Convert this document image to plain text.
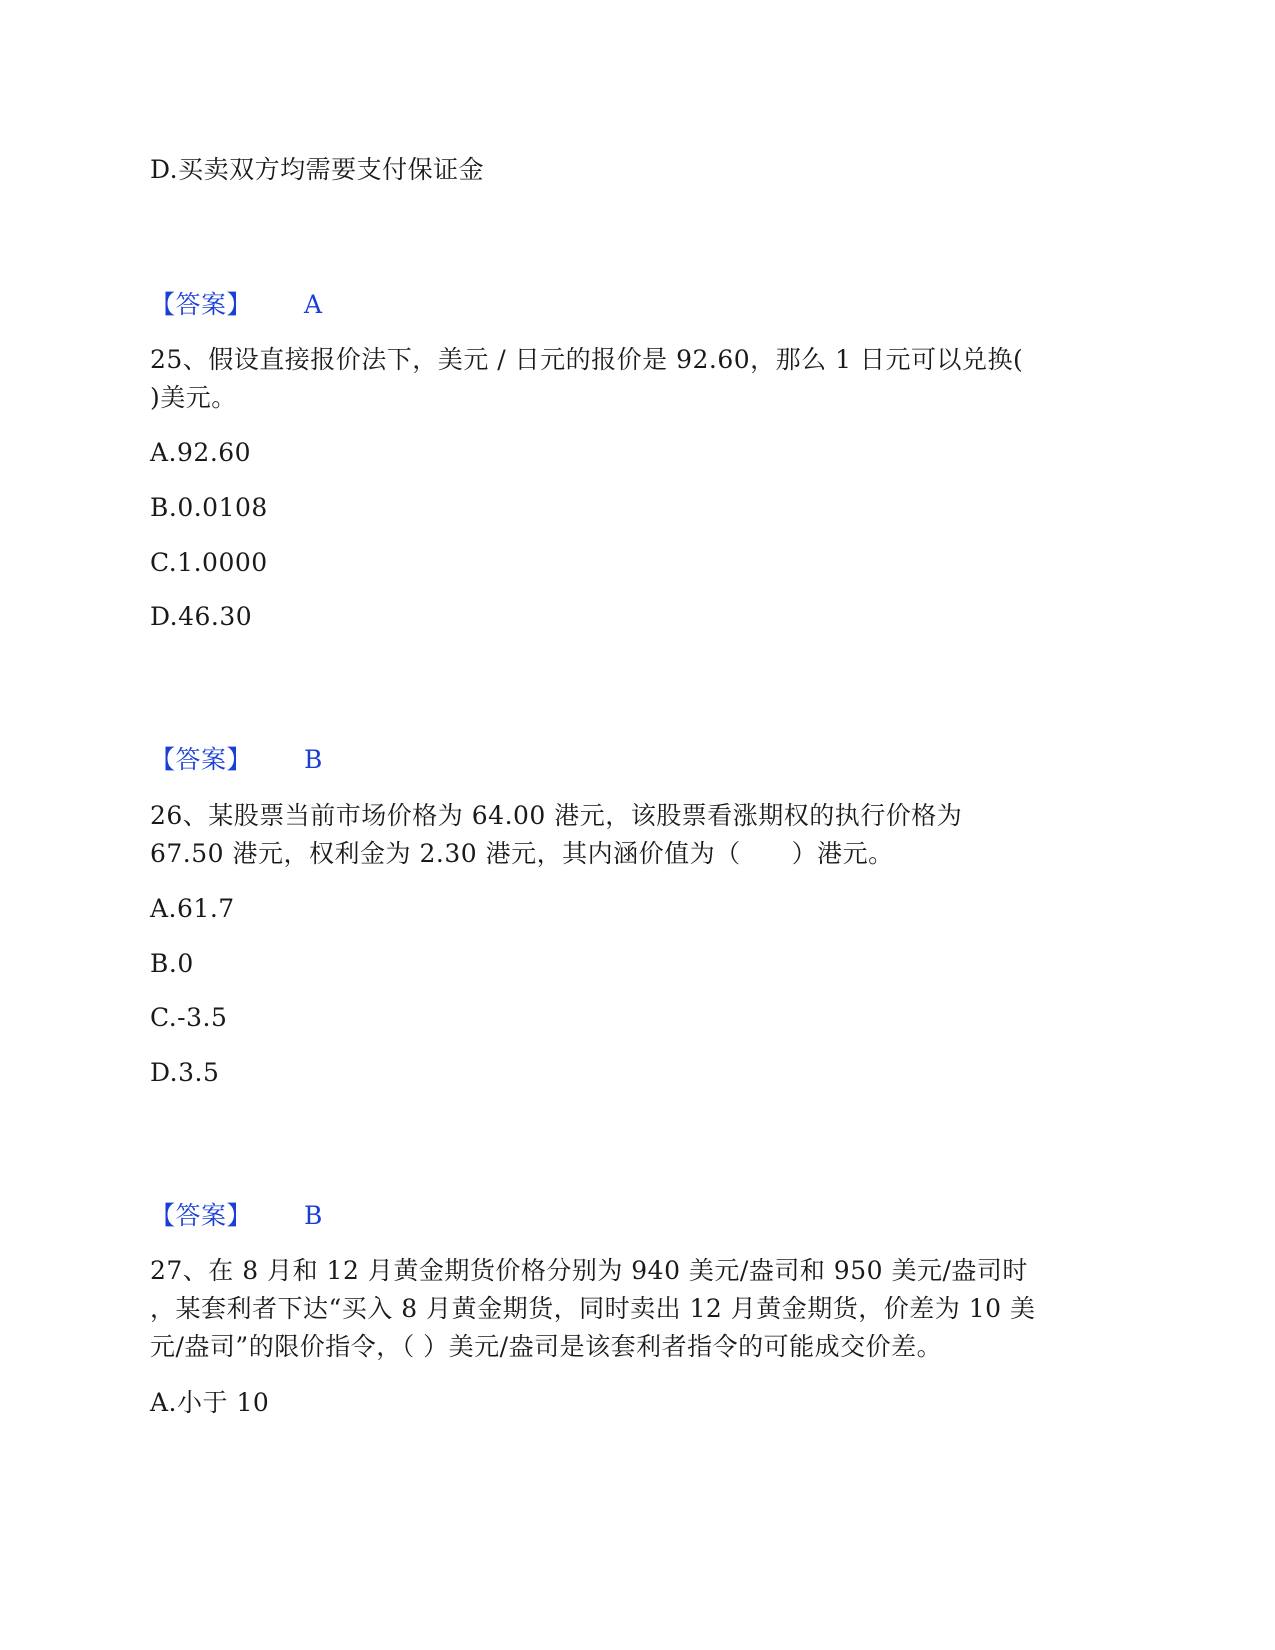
D.买卖双方均需要支付保证金
【答案】 A
25、假设直接报价法下，美元 / 日元的报价是 92.60，那么 1 日元可以兑换(
)美元。
A.92.60
B.0.0108
C.1.0000
D.46.30
【答案】 B
26、某股票当前市场价格为 64.00 港元，该股票看涨期权的执行价格为
67.50 港元，权利金为 2.30 港元，其内涵价值为（　　）港元。
A.61.7
B.0
C.-3.5
D.3.5
【答案】 B
27、在 8 月和 12 月黄金期货价格分别为 940 美元/盎司和 950 美元/盎司时
，某套利者下达“买入 8 月黄金期货，同时卖出 12 月黄金期货，价差为 10 美
元/盎司”的限价指令，（ ）美元/盎司是该套利者指令的可能成交价差。
A.小于 10
